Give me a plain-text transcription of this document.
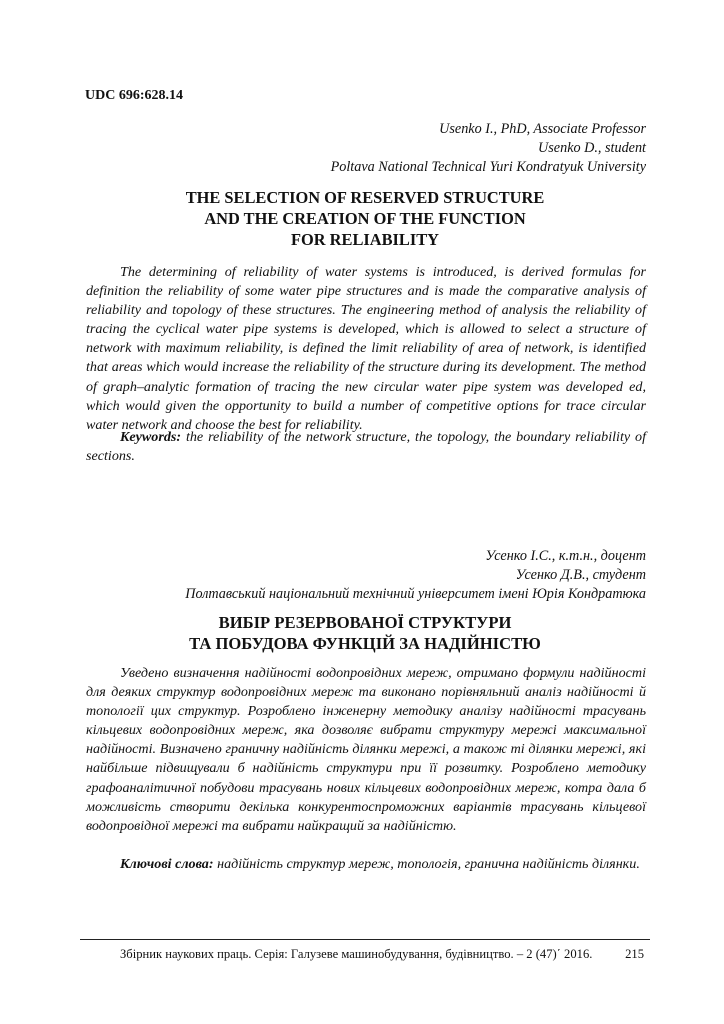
UDC 696:628.14
Usenko I., PhD, Associate Professor
Usenko D., student
Poltava National Technical Yuri Kondratyuk University
THE SELECTION OF RESERVED STRUCTURE
AND THE CREATION OF THE FUNCTION
FOR RELIABILITY

The determining of reliability of water systems is introduced, is derived formulas for definition the reliability of some water pipe structures and is made the comparative analysis of reliability and topology of these structures. The engineering method of analysis the reliability of tracing the cyclical water pipe systems is developed, which is allowed to select a structure of network with maximum reliability, is defined the limit reliability of area of network, is identified that areas which would increase the reliability of the structure during its development. The method of graph–analytic formation of tracing the new circular water pipe system was developed ed, which would given the opportunity to build a number of competitive options for trace circular water network and choose the best for reliability.

Keywords: the reliability of the network structure, the topology, the boundary reliability of sections.

Усенко І.С., к.т.н., доцент
Усенко Д.В., студент
Полтавський національний технічний університет імені Юрія Кондратюка
ВИБІР РЕЗЕРВОВАНОЇ СТРУКТУРИ
ТА ПОБУДОВА ФУНКЦІЙ ЗА НАДІЙНІСТЮ

Уведено визначення надійності водопровідних мереж, отримано формули надійності для деяких структур водопровідних мереж та виконано порівняльний аналіз надійності й топології цих структур. Розроблено інженерну методику аналізу надійності трасувань кільцевих водопровідних мереж, яка дозволяє вибрати структуру мережі максимальної надійності. Визначено граничну надійність ділянки мережі, а також ті ділянки мережі, які найбільше підвищували б надійність структури при її розвитку. Розроблено методику графоаналітичної побудови трасувань нових кільцевих водопровідних мереж, котра дала б можливість створити декілька конкурентоспроможних варіантів трасувань кільцевої водопровідної мережі та вибрати найкращий за надійністю.

Ключові слова: надійність структур мереж, топологія, гранична надійність ділянки.

Збірник наукових праць. Серія: Галузеве машинобудування, будівництво. – 2 (47)΄ 2016.	215
